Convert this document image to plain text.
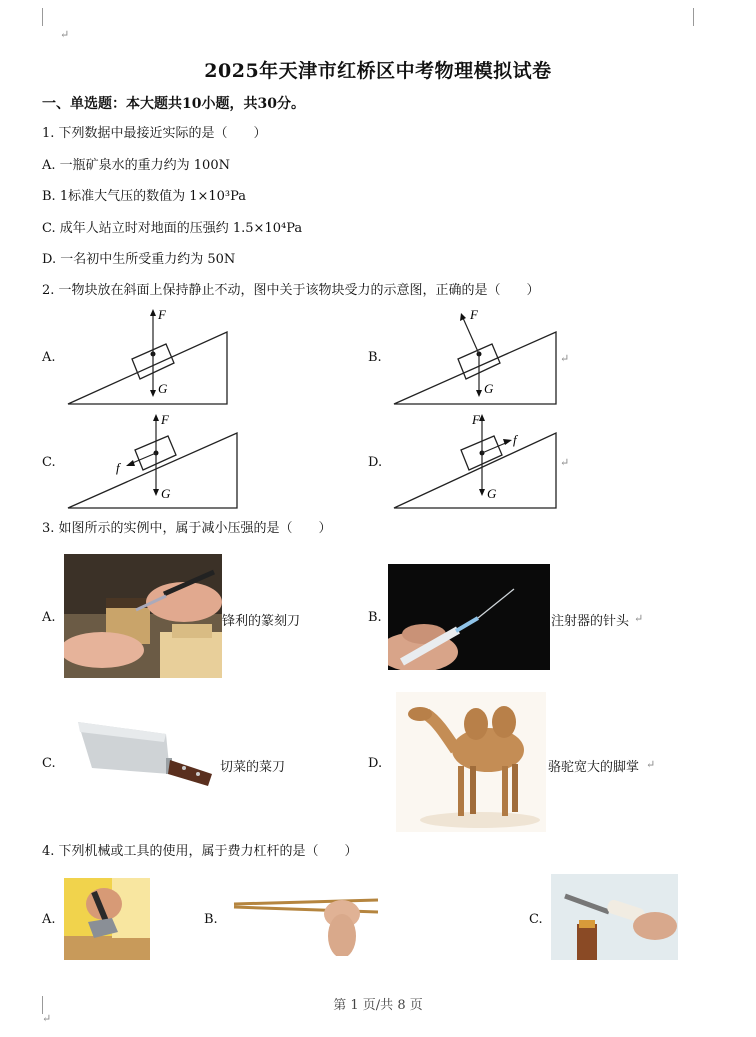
↵
↵
2025年天津市红桥区中考物理模拟试卷
一、单选题：本大题共10小题，共30分。
1. 下列数据中最接近实际的是（　　）
A. 一瓶矿泉水的重力约为 100N
B. 1标准大气压的数值为 1×10³Pa
C. 成年人站立时对地面的压强约 1.5×10⁴Pa
D. 一名初中生所受重力约为 50N
2. 一物块放在斜面上保持静止不动，图中关于该物块受力的示意图，正确的是（　　）
A.
F
G
B.
F
G
↵
C.
F
G
f	D.
F
G
f
↵
3. 如图所示的实例中，属于减小压强的是（　　）
A.	锋利的篆刻刀	B.	注射器的针头 ↵
C.	切菜的菜刀	D.	骆驼宽大的脚掌 ↵
4. 下列机械或工具的使用，属于费力杠杆的是（　　）
A.	B.	C.
第 1 页/共 8 页
